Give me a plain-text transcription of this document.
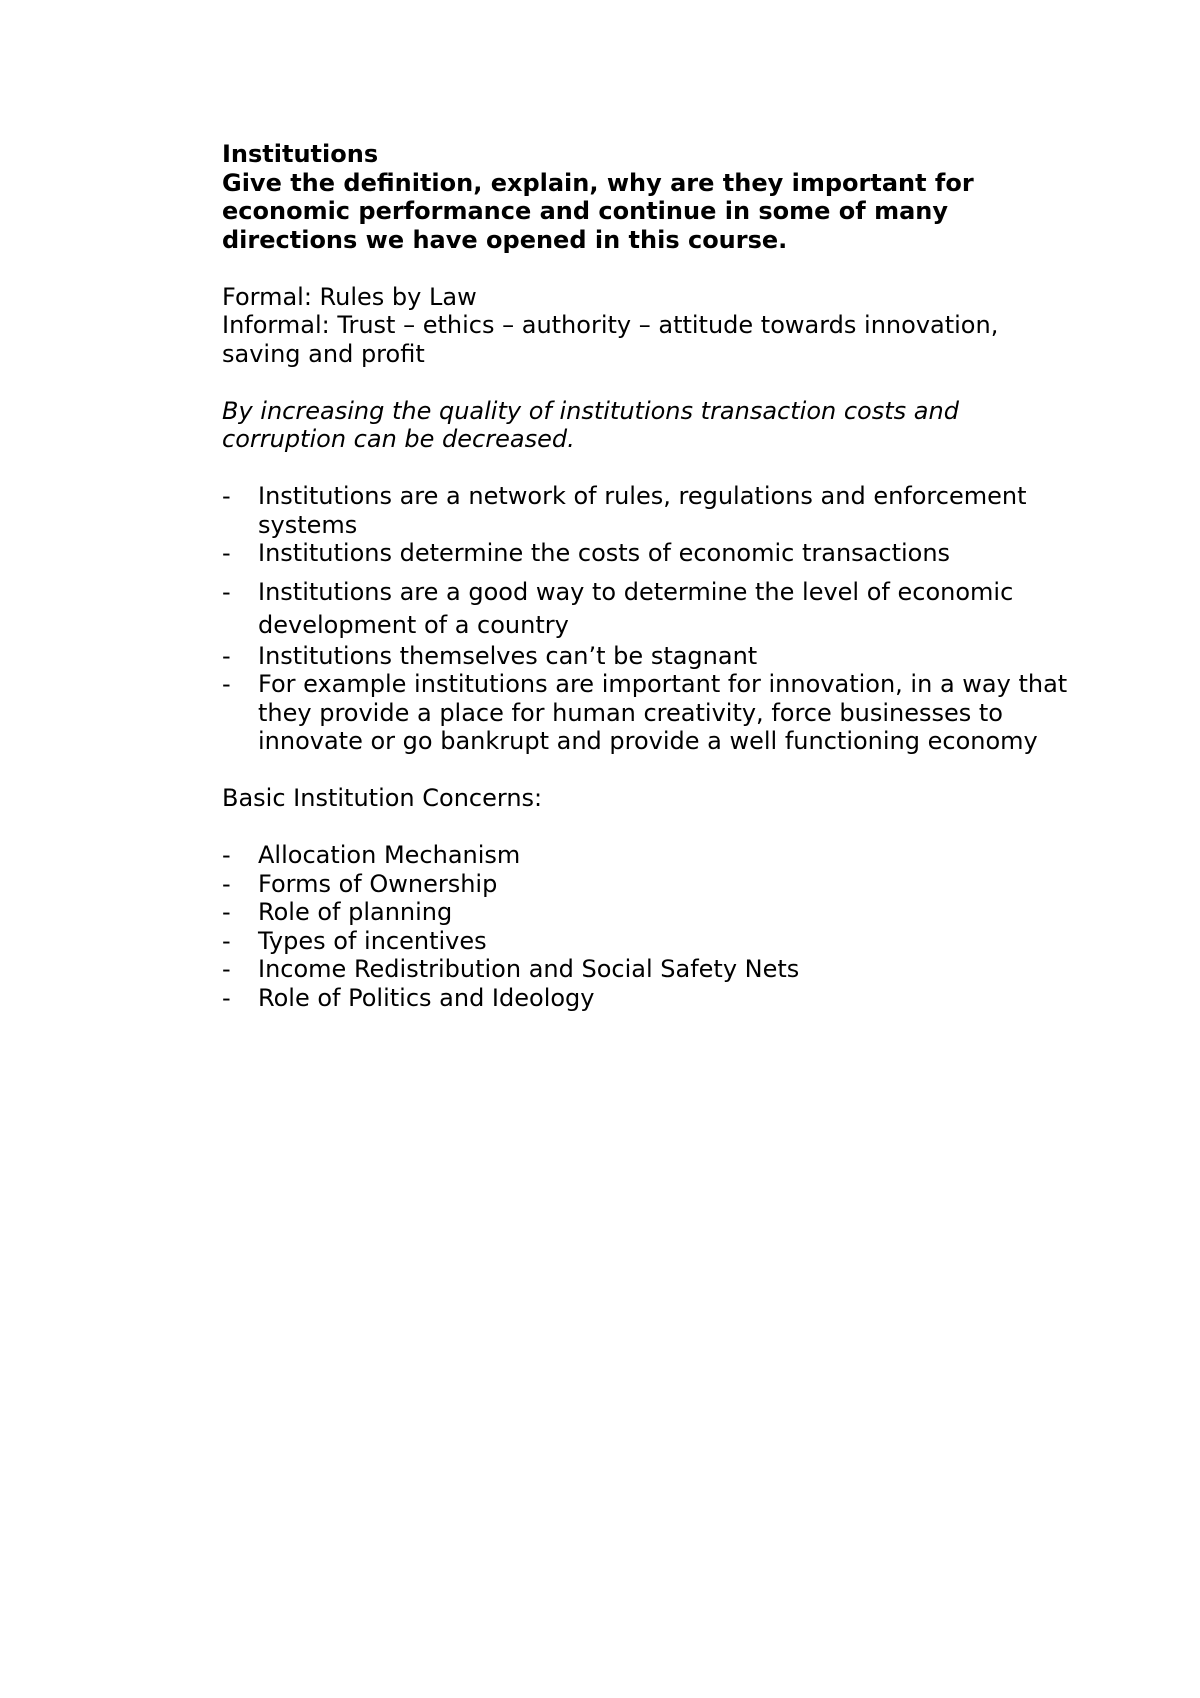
Institutions

Give the definition, explain, why are they important for economic performance and continue in some of many directions we have opened in this course.

Formal: Rules by Law

Informal: Trust – ethics – authority – attitude towards innovation, saving and profit

By increasing the quality of institutions transaction costs and corruption can be decreased.

-	Institutions are a network of rules, regulations and enforcement systems
-	Institutions determine the costs of economic transactions
-	Institutions are a good way to determine the level of economic development of a country
-	Institutions themselves can’t be stagnant
-	For example institutions are important for innovation, in a way that they provide a place for human creativity, force businesses to innovate or go bankrupt and provide a well functioning economy

Basic Institution Concerns:

-	Allocation Mechanism
-	Forms of Ownership
-	Role of planning
-	Types of incentives
-	Income Redistribution and Social Safety Nets
-	Role of Politics and Ideology
